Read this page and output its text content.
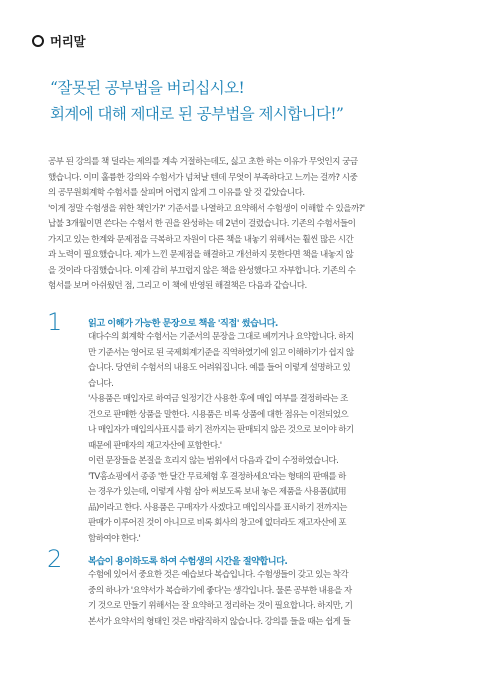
머리말
“잘못된 공부법을 버리십시오!
회계에 대해 제대로 된 공부법을 제시합니다!”
공부 된 강의를 책 덜라는 제의를 계속 거절하는데도, 싫고 초한 하는 이유가 무엇인지 궁금
했습니다. 이미 훌륭한 강의와 수험서가 넘쳐날 텐데 무엇이 부족하다고 느끼는 걸까? 시중
의 공무원회계학 수험서를 살피며 어렵지 않게 그 이유를 알 것 같았습니다.
'이게 정말 수험생을 위한 책인가?' 기준서를 나열하고 요약해서 수험생이 이해할 수 있을까?'
납불 3개월이면 쓴다는 수험서 한 권을 완성하는 데 2년이 걸렸습니다. 기존의 수험서들이
가지고 있는 한계와 문제점을 극복하고 자원이 다른 책을 내놓기 위해서는 훨씬 많은 시간
과 노력이 필요했습니다. 제가 느낀 문제점을 해결하고 개선하지 못한다면 책을 내놓지 않
을 것이라 다짐했습니다. 이제 감히 부끄럽지 않은 책을 완성했다고 자부합니다. 기존의 수
험서를 보며 아쉬웠던 점, 그리고 이 책에 반영된 해결책은 다음과 같습니다.
1	읽고 이해가 가능한 문장으로 책을 '직접' 썼습니다.
대다수의 회계학 수험서는 기준서의 문장을 그대로 베끼거나 요약합니다. 하지
만 기준서는 영어로 된 국제회계기준을 직역하였기에 읽고 이해하기가 쉽지 않
습니다. 당연히 수험서의 내용도 어려워집니다. 예를 들어 이렇게 설명하고 있
습니다.
'사용품은 매입자로 하여금 일정기간 사용한 후에 매입 여부를 결정하라는 조
건으로 판매한 상품을 말한다. 시용품은 비록 상품에 대한 점유는 이전되었으
나 매입자가 매입의사표시를 하기 전까지는 판매되지 않은 것으로 보이야 하기
때문에 판매자의 재고자산에 포함한다.'
이런 문장들을 본질을 흐리지 않는 범위에서 다음과 같이 수정하였습니다.
'TV홈쇼핑에서 종종 '한 달간 무료체험 후 결정하세요'라는 형태의 판매를 하
는 경우가 있는데, 이렇게 사험 삼아 써보도록 보내 놓은 제품을 사용품(試用
品)이라고 한다. 사용품은 구매자가 사겠다고 매입의사를 표시하기 전까지는
판매가 이루어진 것이 아니므로 비록 회사의 창고에 없더라도 재고자산에 포
함하여야 한다.'
2	복습이 용이하도록 하여 수험생의 시간을 절약합니다.
수험에 있어서 중요한 것은 예습보다 복습입니다. 수험생들이 갖고 있는 착각
중의 하나가 '요약서가 복습하기에 좋다'는 생각입니다. 물론 공부한 내용을 자
기 것으로 만들기 위해서는 잘 요약하고 정리하는 것이 필요합니다. 하지만, 기
본서가 요약서의 형태인 것은 바람직하지 않습니다. 강의를 들을 때는 쉽게 들
